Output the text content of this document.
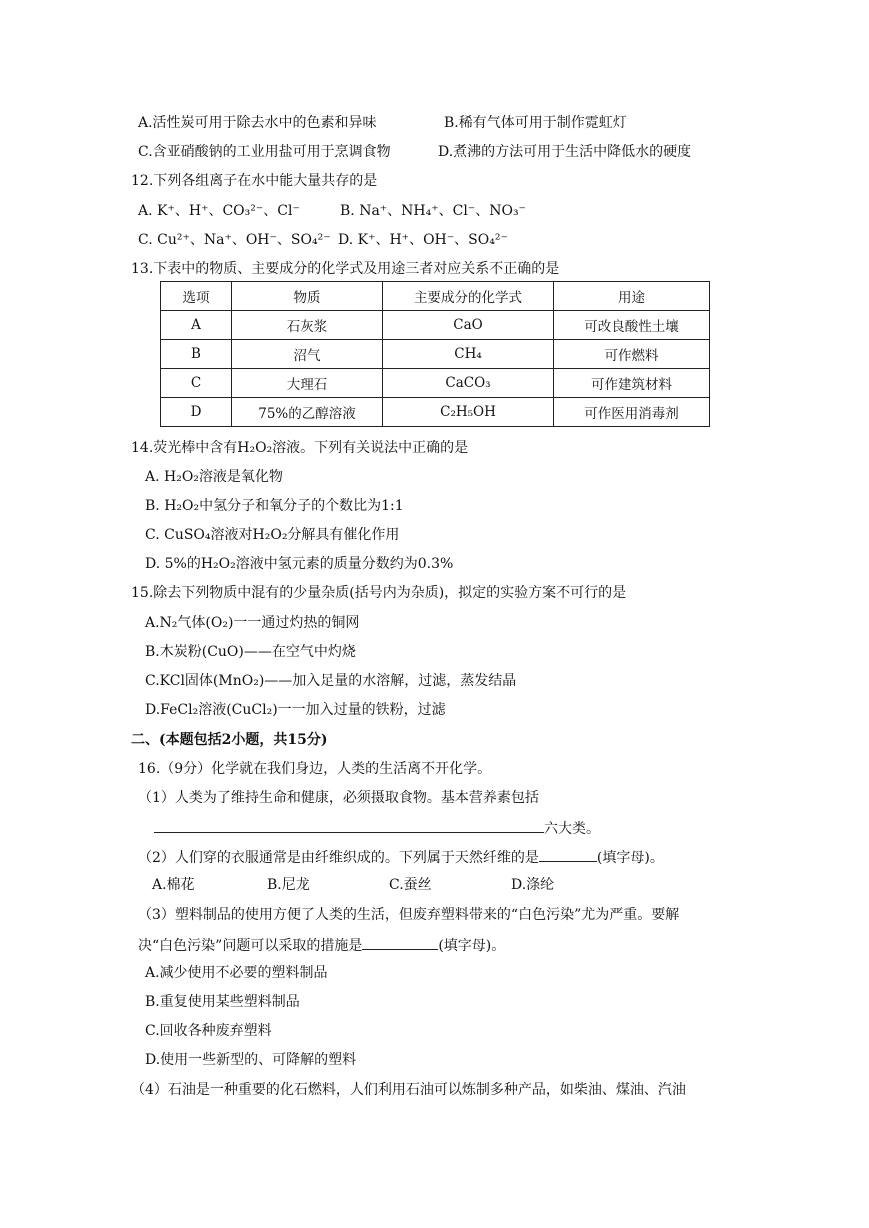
A.活性炭可用于除去水中的色素和异味	B.稀有气体可用于制作霓虹灯
C.含亚硝酸钠的工业用盐可用于烹调食物	D.煮沸的方法可用于生活中降低水的硬度
12.下列各组离子在水中能大量共存的是
A. K⁺、H⁺、CO₃²⁻、Cl⁻	B. Na⁺、NH₄⁺、Cl⁻、NO₃⁻
C. Cu²⁺、Na⁺、OH⁻、SO₄²⁻ D. K⁺、H⁺、OH⁻、SO₄²⁻
13.下表中的物质、主要成分的化学式及用途三者对应关系不正确的是
选项	物质	主要成分的化学式	用途
A	石灰浆	CaO	可改良酸性土壤
B	沼气	CH₄	可作燃料
C	大理石	CaCO₃	可作建筑材料
D	75%的乙醇溶液	C₂H₅OH	可作医用消毒剂
14.荧光棒中含有H₂O₂溶液。下列有关说法中正确的是
A. H₂O₂溶液是氧化物
B. H₂O₂中氢分子和氧分子的个数比为1:1
C. CuSO₄溶液对H₂O₂分解具有催化作用
D. 5%的H₂O₂溶液中氢元素的质量分数约为0.3%
15.除去下列物质中混有的少量杂质(括号内为杂质)，拟定的实验方案不可行的是
A.N₂气体(O₂)一一通过灼热的铜网
B.木炭粉(CuO)——在空气中灼烧
C.KCl固体(MnO₂)——加入足量的水溶解，过滤，蒸发结晶
D.FeCl₂溶液(CuCl₂)一一加入过量的铁粉，过滤
二、(本题包括2小题，共15分)
16.（9分）化学就在我们身边，人类的生活离不开化学。
（1）人类为了维持生命和健康，必须摄取食物。基本营养素包括
六大类。
（2）人们穿的衣服通常是由纤维织成的。下列属于天然纤维的是	(填字母)。
A.棉花	B.尼龙	C.蚕丝	D.涤纶
（3）塑料制品的使用方便了人类的生活，但废弃塑料带来的“白色污染”尤为严重。要解
决“白色污染”问题可以采取的措施是	(填字母)。
A.减少使用不必要的塑料制品
B.重复使用某些塑料制品
C.回收各种废弃塑料
D.使用一些新型的、可降解的塑料
（4）石油是一种重要的化石燃料，人们利用石油可以炼制多种产品，如柴油、煤油、汽油
